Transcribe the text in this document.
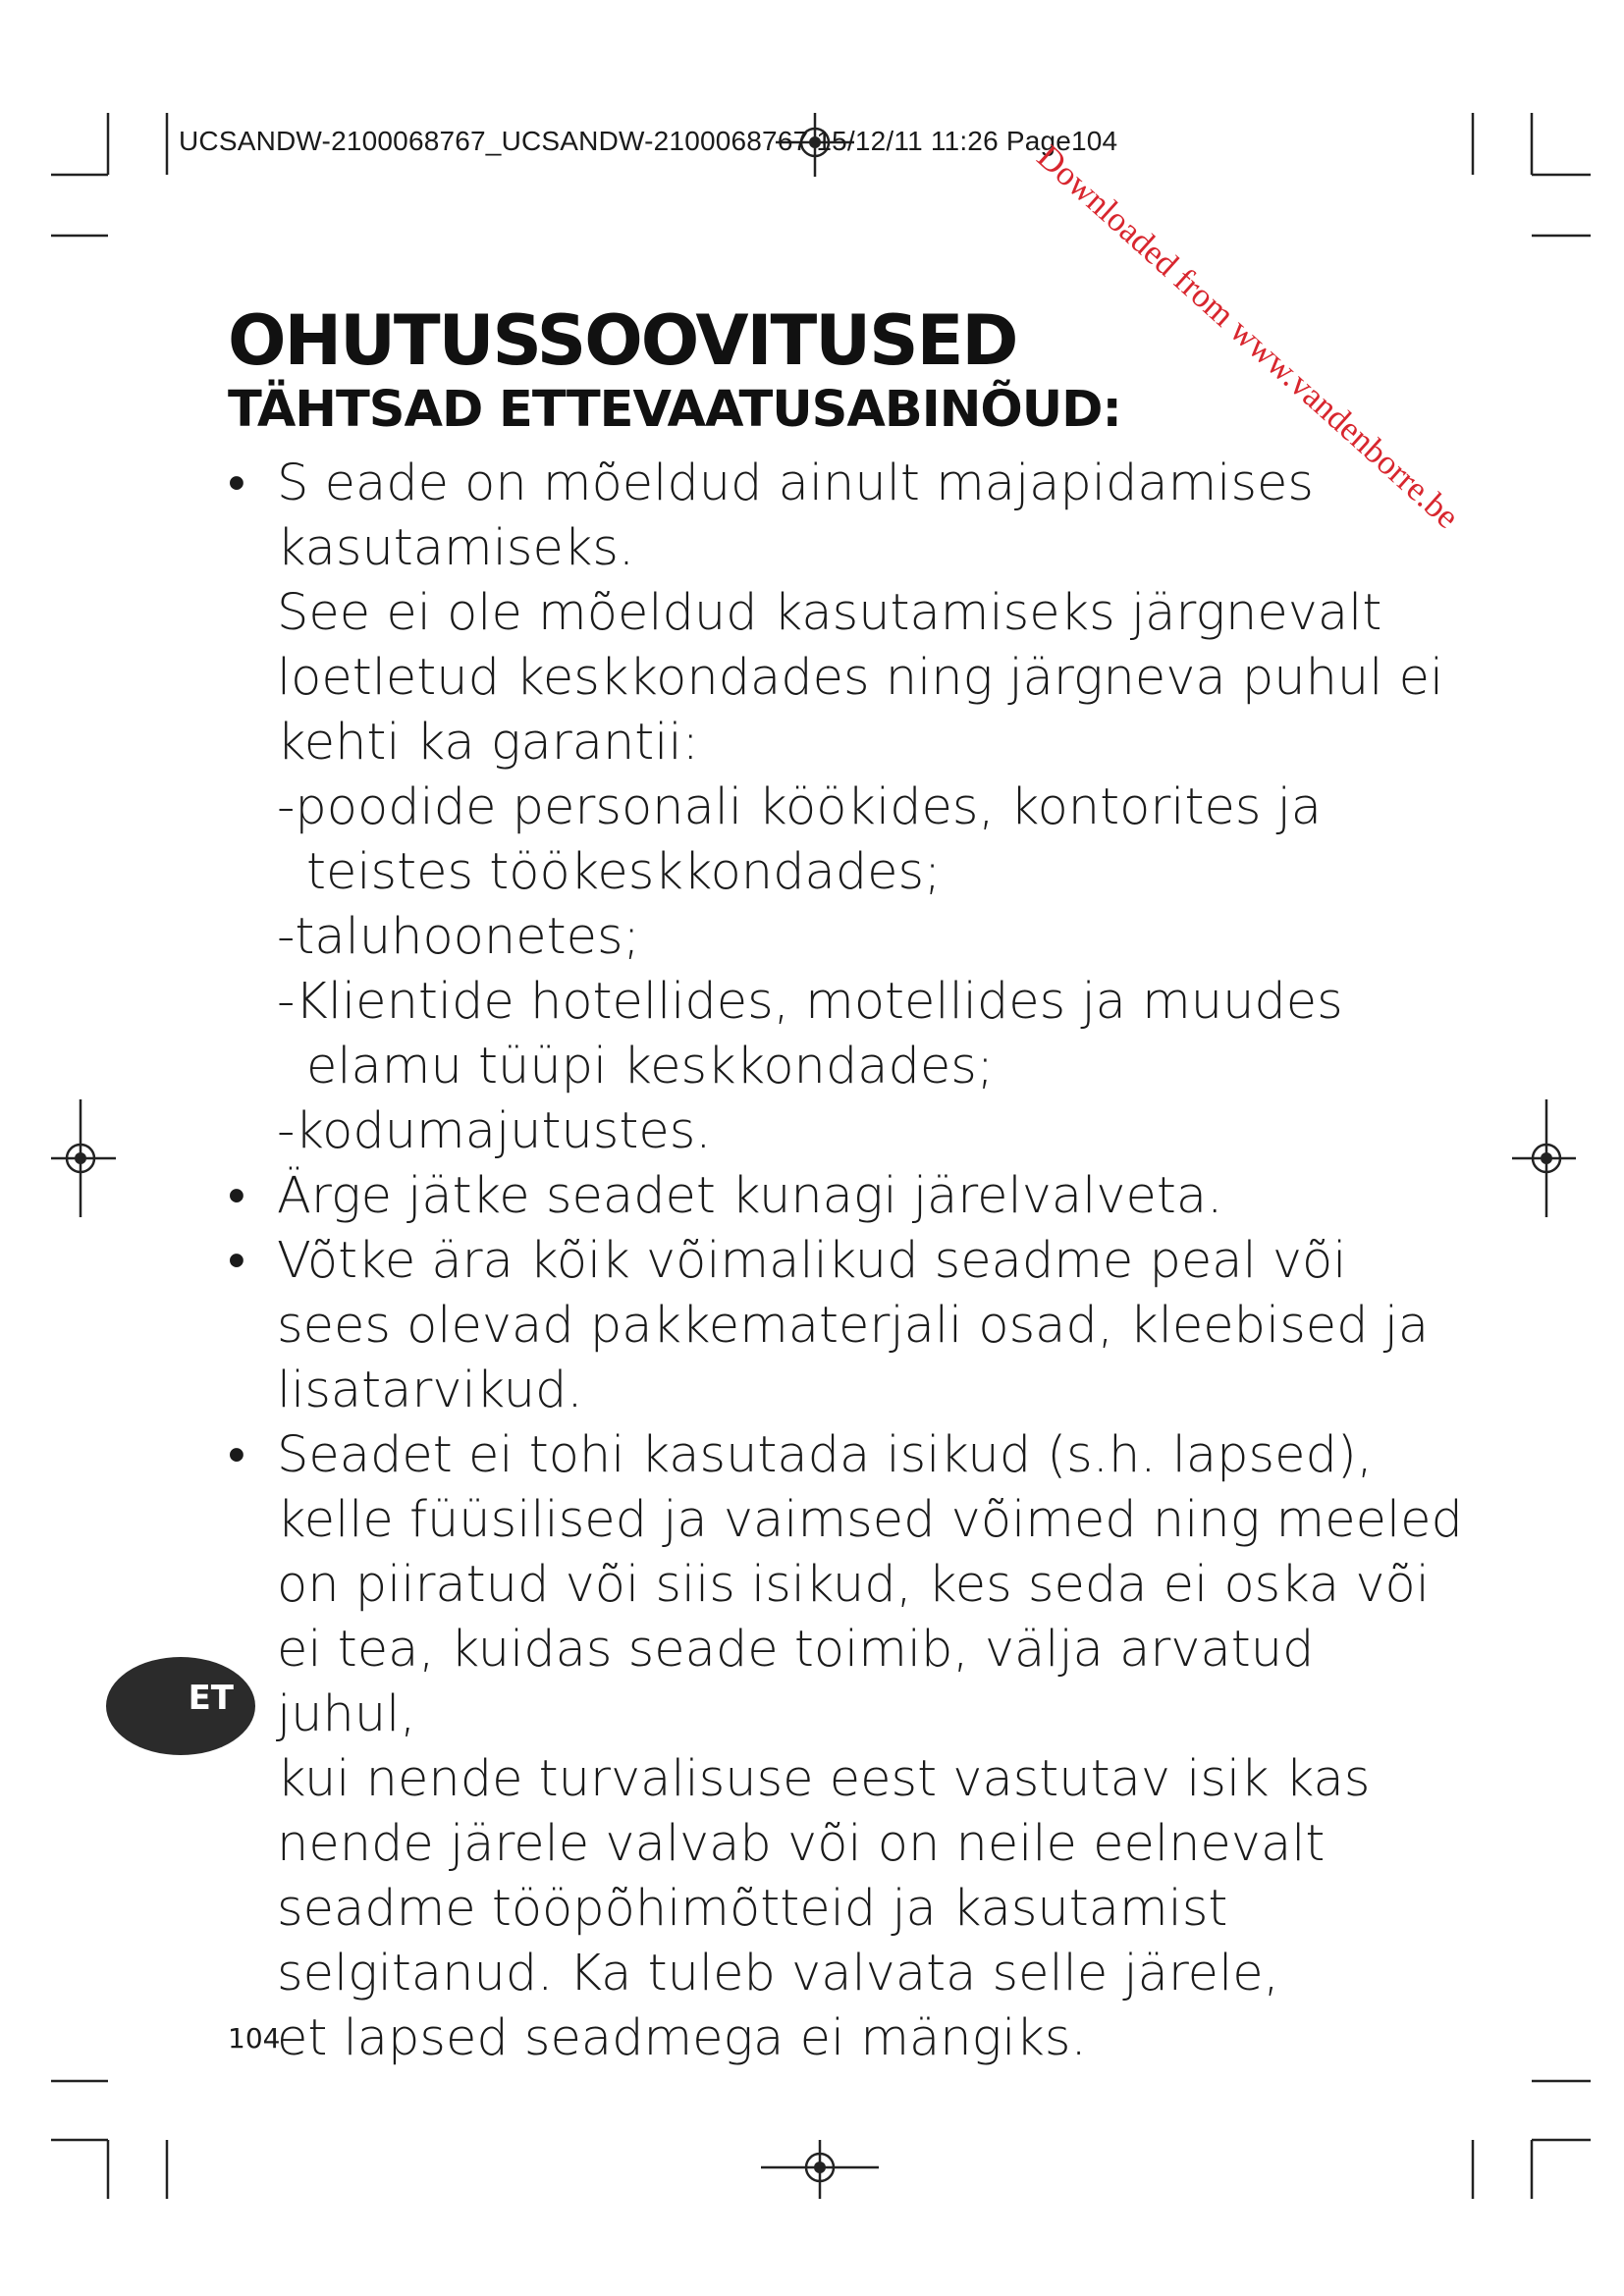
UCSANDW-2100068767_UCSANDW-2100068767 15/12/11 11:26 Page104
Downloaded from www.vandenborre.be
OHUTUSSOOVITUSED
TÄHTSAD ETTEVAATUSABINÕUD:

• S eade on mõeldud ainult majapidamises
kasutamiseks.
See ei ole mõeldud kasutamiseks järgnevalt
loetletud keskkondades ning järgneva puhul ei
kehti ka garantii:

-poodide personali köökides, kontorites ja
teistes töökeskkondades;

-taluhoonetes;

-Klientide hotellides, motellides ja muudes
elamu tüüpi keskkondades;

-kodumajutustes.

• Ärge jätke seadet kunagi järelvalveta.

• Võtke ära kõik võimalikud seadme peal või
sees olevad pakkematerjali osad, kleebised ja
lisatarvikud.

• Seadet ei tohi kasutada isikud (s.h. lapsed),
kelle füüsilised ja vaimsed võimed ning meeled
on piiratud või siis isikud, kes seda ei oska või
ei tea, kuidas seade toimib, välja arvatud juhul,
kui nende turvalisuse eest vastutav isik kas
nende järele valvab või on neile eelnevalt
seadme tööpõhimõtteid ja kasutamist
selgitanud. Ka tuleb valvata selle järele,
et lapsed seadmega ei mängiks.

ET
104
